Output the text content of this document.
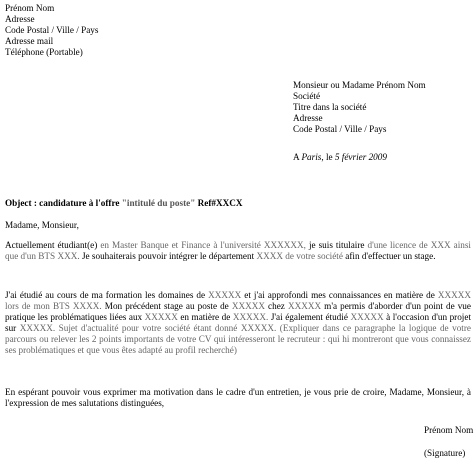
Prénom Nom
Adresse
Code Postal / Ville / Pays
Adresse mail
Téléphone (Portable)
Monsieur ou Madame Prénom Nom
Société
Titre dans la société
Adresse
Code Postal / Ville / Pays
A Paris, le 5 février 2009
Object : candidature à l'offre "intitulé du poste" Ref#XXCX
Madame, Monsieur,
Actuellement étudiant(e) en Master Banque et Finance à l'université XXXXXX, je suis titulaire d'une licence de XXX ainsi que d'un BTS XXX. Je souhaiterais pouvoir intégrer le département XXXX de votre société afin d'effectuer un stage.
J'ai étudié au cours de ma formation les domaines de XXXXX et j'ai approfondi mes connaissances en matière de XXXXX lors de mon BTS XXXX. Mon précédent stage au poste de XXXXX chez XXXXX m'a permis d'aborder d'un point de vue pratique les problématiques liées aux XXXXX en matière de XXXXX. J'ai également étudié XXXXX à l'occasion d'un projet sur XXXXX. Sujet d'actualité pour votre société étant donné XXXXX. (Expliquer dans ce paragraphe la logique de votre parcours ou relever les 2 points importants de votre CV qui intéresseront le recruteur : qui hi montreront que vous connaissez ses problématiques et que vous êtes adapté au profil recherché)
En espérant pouvoir vous exprimer ma motivation dans le cadre d'un entretien, je vous prie de croire, Madame, Monsieur, à l'expression de mes salutations distinguées,
Prénom Nom
(Signature)
